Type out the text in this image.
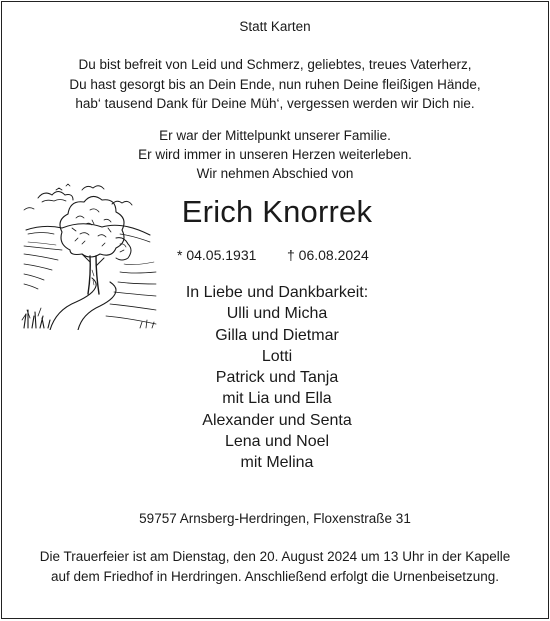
Statt Karten
Du bist befreit von Leid und Schmerz, geliebtes, treues Vaterherz,
Du hast gesorgt bis an Dein Ende, nun ruhen Deine fleißigen Hände,
hab‘ tausend Dank für Deine Müh‘, vergessen werden wir Dich nie.
Er war der Mittelpunkt unserer Familie.
Er wird immer in unseren Herzen weiterleben.
Wir nehmen Abschied von
Erich Knorrek
* 04.05.1931 † 06.08.2024
In Liebe und Dankbarkeit:
Ulli und Micha
Gilla und Dietmar
Lotti
Patrick und Tanja
mit Lia und Ella
Alexander und Senta
Lena und Noel
mit Melina
59757 Arnsberg-Herdringen, Floxenstraße 31
Die Trauerfeier ist am Dienstag, den 20. August 2024 um 13 Uhr in der Kapelle
auf dem Friedhof in Herdringen. Anschließend erfolgt die Urnenbeisetzung.
